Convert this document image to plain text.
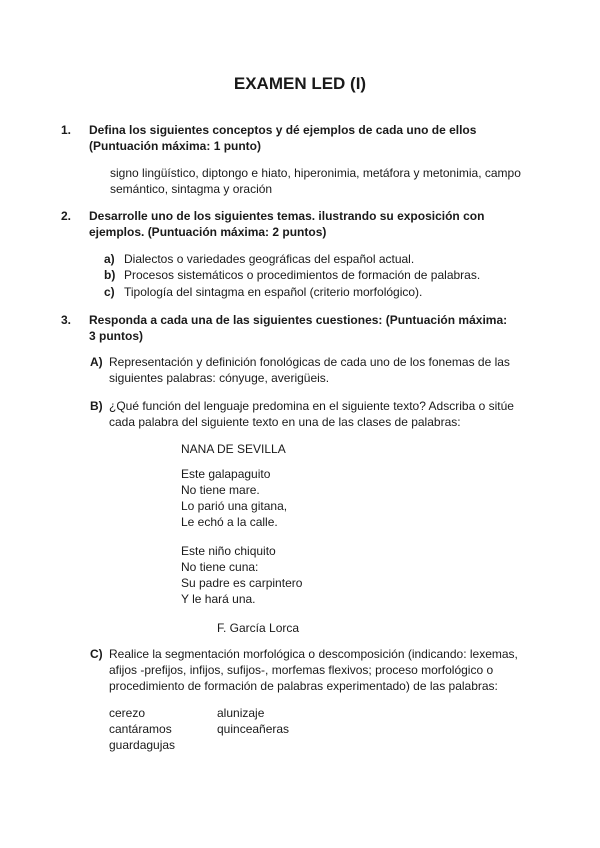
EXAMEN LED (I)
1.	Defina los siguientes conceptos y dé ejemplos de cada uno de ellos (Puntuación máxima: 1 punto)
signo lingüístico, diptongo e hiato, hiperonimia, metáfora y metonimia, campo semántico, sintagma y oración
2.	Desarrolle uno de los siguientes temas. ilustrando su exposición con ejemplos. (Puntuación máxima: 2 puntos)
a) Dialectos o variedades geográficas del español actual.
b) Procesos sistemáticos o procedimientos de formación de palabras.
c) Tipología del sintagma en español (criterio morfológico).
3.	Responda a cada una de las siguientes cuestiones: (Puntuación máxima: 3 puntos)
A) Representación y definición fonológicas de cada uno de los fonemas de las siguientes palabras: cónyuge, averigüeis.
B) ¿Qué función del lenguaje predomina en el siguiente texto? Adscriba o sitúe cada palabra del siguiente texto en una de las clases de palabras:
NANA DE SEVILLA
Este galapaguito
No tiene mare.
Lo parió una gitana,
Le echó a la calle.
Este niño chiquito
No tiene cuna:
Su padre es carpintero
Y le hará una.
F. García Lorca
C) Realice la segmentación morfológica o descomposición (indicando: lexemas, afijos -prefijos, infijos, sufijos-, morfemas flexivos; proceso morfológico o procedimiento de formación de palabras experimentado) de las palabras:
cerezo
cantáramos
guardagujas
alunizaje
quinceañeras
